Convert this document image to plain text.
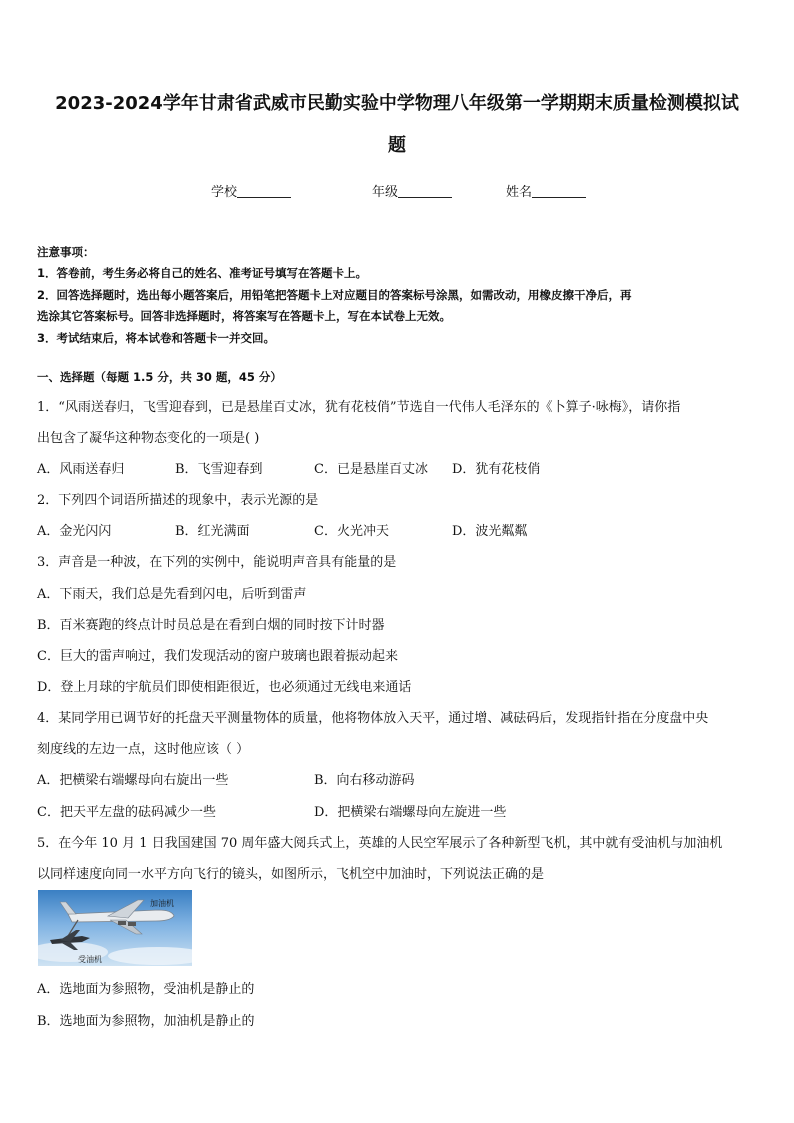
2023-2024学年甘肃省武威市民勤实验中学物理八年级第一学期期末质量检测模拟试
题
学校	年级	姓名
注意事项：
1．答卷前，考生务必将自己的姓名、准考证号填写在答题卡上。
2．回答选择题时，选出每小题答案后，用铅笔把答题卡上对应题目的答案标号涂黑，如需改动，用橡皮擦干净后，再
选涂其它答案标号。回答非选择题时，将答案写在答题卡上，写在本试卷上无效。
3．考试结束后，将本试卷和答题卡一并交回。
一、选择题（每题 1.5 分，共 30 题，45 分）
1．“风雨送春归，飞雪迎春到，已是悬崖百丈冰，犹有花枝俏”节选自一代伟人毛泽东的《卜算子·咏梅》，请你指
出包含了凝华这种物态变化的一项是( )
A．风雨送春归	B．飞雪迎春到	C．已是悬崖百丈冰 D．犹有花枝俏
2．下列四个词语所描述的现象中，表示光源的是
A．金光闪闪	B．红光满面	C．火光冲天	D．波光粼粼
3．声音是一种波，在下列的实例中，能说明声音具有能量的是
A．下雨天，我们总是先看到闪电，后听到雷声
B．百米赛跑的终点计时员总是在看到白烟的同时按下计时器
C．巨大的雷声响过，我们发现活动的窗户玻璃也跟着振动起来
D．登上月球的宇航员们即使相距很近，也必须通过无线电来通话
4．某同学用已调节好的托盘天平测量物体的质量，他将物体放入天平，通过增、减砝码后，发现指针指在分度盘中央
刻度线的左边一点，这时他应该（ ）
A．把横梁右端螺母向右旋出一些	B．向右移动游码
C．把天平左盘的砝码减少一些	D．把横梁右端螺母向左旋进一些
5．在今年 10 月 1 日我国建国 70 周年盛大阅兵式上，英雄的人民空军展示了各种新型飞机，其中就有受油机与加油机
以同样速度向同一水平方向飞行的镜头，如图所示，飞机空中加油时，下列说法正确的是
加油机
受油机
A．选地面为参照物，受油机是静止的
B．选地面为参照物，加油机是静止的
